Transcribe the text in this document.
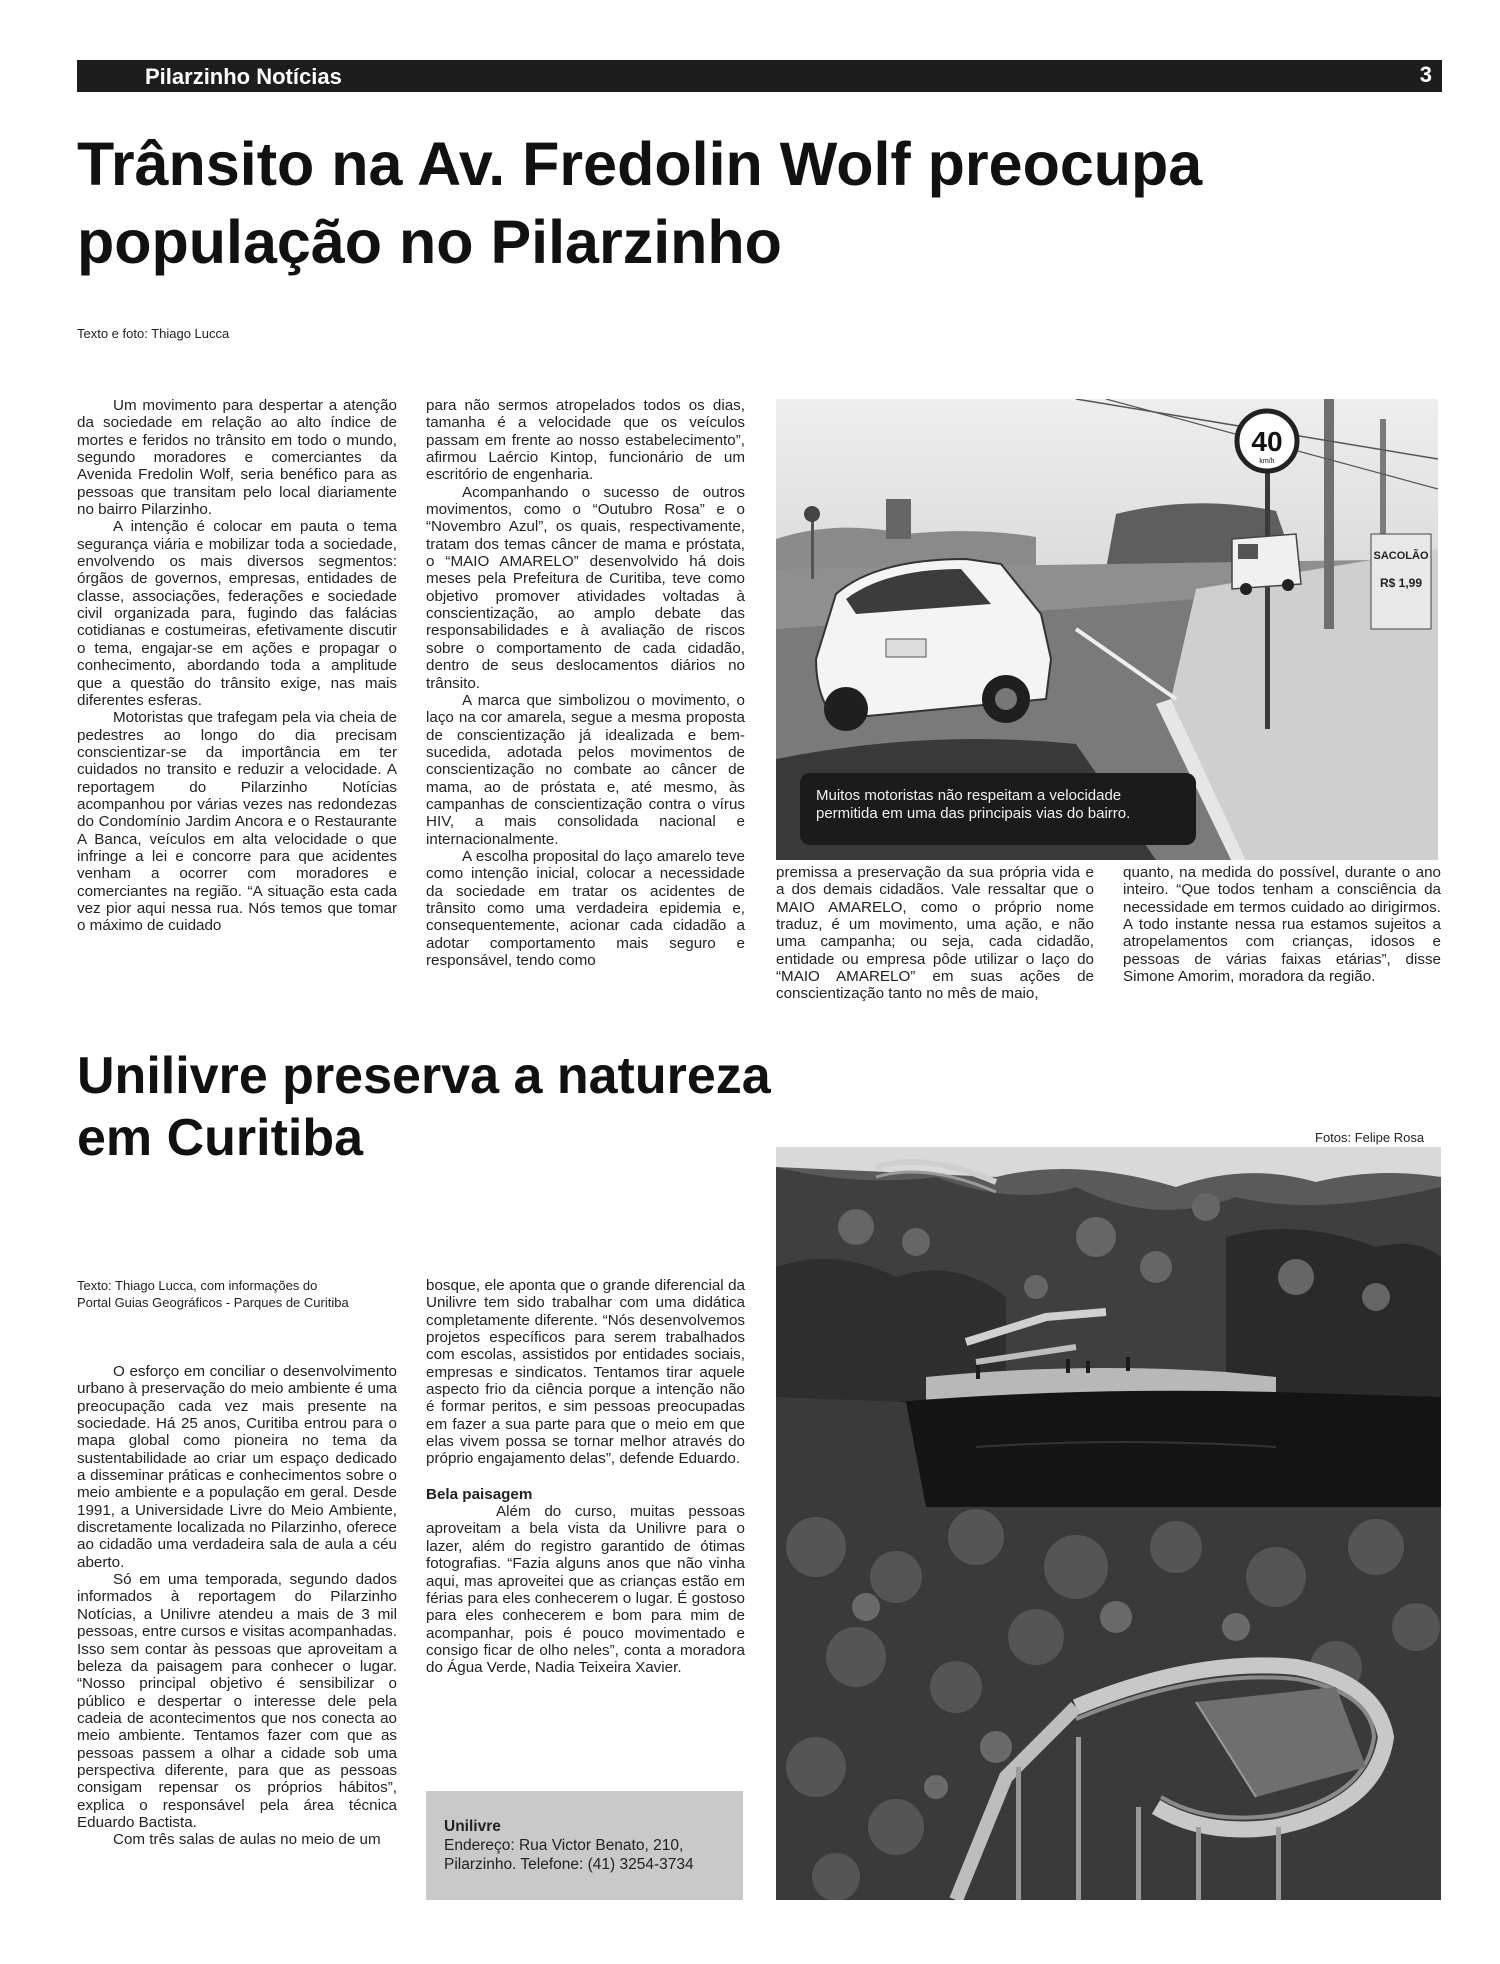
Pilarzinho Notícias	3
Trânsito na Av. Fredolin Wolf preocupa
população no Pilarzinho
Texto e foto: Thiago Lucca

Um movimento para despertar a atenção da sociedade em relação ao alto índice de mortes e feridos no trânsito em todo o mundo, segundo moradores e comerciantes da Avenida Fredolin Wolf, seria benéfico para as pessoas que transitam pelo local diariamente no bairro Pilarzinho.

A intenção é colocar em pauta o tema segurança viária e mobilizar toda a sociedade, envolvendo os mais diversos segmentos: órgãos de governos, empresas, entidades de classe, associações, federações e sociedade civil organizada para, fugindo das falácias cotidianas e costumeiras, efetivamente discutir o tema, engajar-se em ações e propagar o conhecimento, abordando toda a amplitude que a questão do trânsito exige, nas mais diferentes esferas.

Motoristas que trafegam pela via cheia de pedestres ao longo do dia precisam conscientizar-se da importância em ter cuidados no transito e reduzir a velocidade. A reportagem do Pilarzinho Notícias acompanhou por várias vezes nas redondezas do Condomínio Jardim Ancora e o Restaurante A Banca, veículos em alta velocidade o que infringe a lei e concorre para que acidentes venham a ocorrer com moradores e comerciantes na região. “A situação esta cada vez pior aqui nessa rua. Nós temos que tomar o máximo de cuidado

para não sermos atropelados todos os dias, tamanha é a velocidade que os veículos passam em frente ao nosso estabelecimento”, afirmou Laércio Kintop, funcionário de um escritório de engenharia.

Acompanhando o sucesso de outros movimentos, como o “Outubro Rosa” e o “Novembro Azul”, os quais, respectivamente, tratam dos temas câncer de mama e próstata, o “MAIO AMARELO” desenvolvido há dois meses pela Prefeitura de Curitiba, teve como objetivo promover atividades voltadas à conscientização, ao amplo debate das responsabilidades e à avaliação de riscos sobre o comportamento de cada cidadão, dentro de seus deslocamentos diários no trânsito.

A marca que simbolizou o movimento, o laço na cor amarela, segue a mesma proposta de conscientização já idealizada e bem-sucedida, adotada pelos movimentos de conscientização no combate ao câncer de mama, ao de próstata e, até mesmo, às campanhas de conscientização contra o vírus HIV, a mais consolidada nacional e internacionalmente.

A escolha proposital do laço amarelo teve como intenção inicial, colocar a necessidade da sociedade em tratar os acidentes de trânsito como uma verdadeira epidemia e, consequentemente, acionar cada cidadão a adotar comportamento mais seguro e responsável, tendo como

40
km/h
SACOLÃO
R$ 1,99
Muitos motoristas não respeitam a velocidade permitida em uma das principais vias do bairro.

premissa a preservação da sua própria vida e a dos demais cidadãos. Vale ressaltar que o MAIO AMARELO, como o próprio nome traduz, é um movimento, uma ação, e não uma campanha; ou seja, cada cidadão, entidade ou empresa pôde utilizar o laço do “MAIO AMARELO” em suas ações de conscientização tanto no mês de maio,

quanto, na medida do possível, durante o ano inteiro. “Que todos tenham a consciência da necessidade em termos cuidado ao dirigirmos. A todo instante nessa rua estamos sujeitos a atropelamentos com crianças, idosos e pessoas de várias faixas etárias”, disse Simone Amorim, moradora da região.

Unilivre preserva a natureza
em Curitiba	Fotos: Felipe Rosa
Texto: Thiago Lucca, com informações do
Portal Guias Geográficos - Parques de Curitiba

O esforço em conciliar o desenvolvimento urbano à preservação do meio ambiente é uma preocupação cada vez mais presente na sociedade. Há 25 anos, Curitiba entrou para o mapa global como pioneira no tema da sustentabilidade ao criar um espaço dedicado a disseminar práticas e conhecimentos sobre o meio ambiente e a população em geral. Desde 1991, a Universidade Livre do Meio Ambiente, discretamente localizada no Pilarzinho, oferece ao cidadão uma verdadeira sala de aula a céu aberto.

Só em uma temporada, segundo dados informados à reportagem do Pilarzinho Notícias, a Unilivre atendeu a mais de 3 mil pessoas, entre cursos e visitas acompanhadas. Isso sem contar às pessoas que aproveitam a beleza da paisagem para conhecer o lugar. “Nosso principal objetivo é sensibilizar o público e despertar o interesse dele pela cadeia de acontecimentos que nos conecta ao meio ambiente. Tentamos fazer com que as pessoas passem a olhar a cidade sob uma perspectiva diferente, para que as pessoas consigam repensar os próprios hábitos”, explica o responsável pela área técnica Eduardo Bactista.

Com três salas de aulas no meio de um

bosque, ele aponta que o grande diferencial da Unilivre tem sido trabalhar com uma didática completamente diferente. “Nós desenvolvemos projetos específicos para serem trabalhados com escolas, assistidos por entidades sociais, empresas e sindicatos. Tentamos tirar aquele aspecto frio da ciência porque a intenção não é formar peritos, e sim pessoas preocupadas em fazer a sua parte para que o meio em que elas vivem possa se tornar melhor através do próprio engajamento delas”, defende Eduardo.

Bela paisagem

Além do curso, muitas pessoas aproveitam a bela vista da Unilivre para o lazer, além do registro garantido de ótimas fotografias. “Fazia alguns anos que não vinha aqui, mas aproveitei que as crianças estão em férias para eles conhecerem o lugar. É gostoso para eles conhecerem e bom para mim de acompanhar, pois é pouco movimentado e consigo ficar de olho neles”, conta a moradora do Água Verde, Nadia Teixeira Xavier.

Unilivre
Endereço: Rua Victor Benato, 210,
Pilarzinho. Telefone: (41) 3254-3734
